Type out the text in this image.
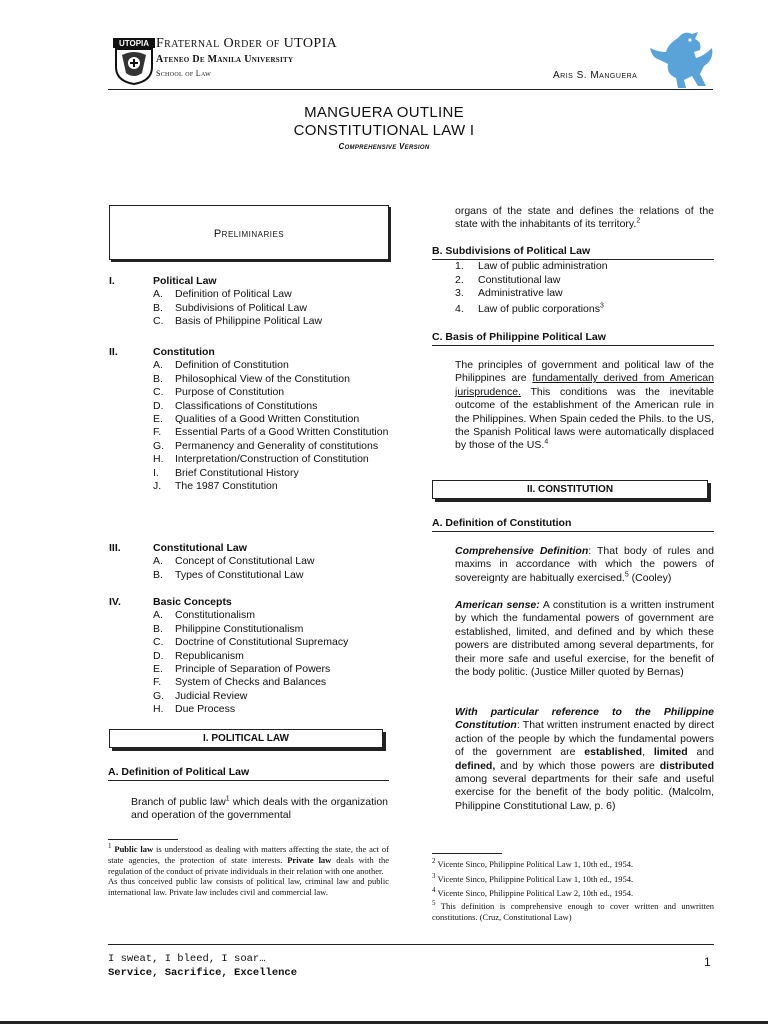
UTOPIA Fraternal Order of UTOPIA
Ateneo De Manila University
School of Law	Aris S. Manguera
MANGUERA OUTLINE
CONSTITUTIONAL LAW I
Comprehensive Version
Preliminaries
I.	Political Law
A.	Definition of Political Law
B.	Subdivisions of Political Law
C.	Basis of Philippine Political Law
II.	Constitution
A.	Definition of Constitution
B.	Philosophical View of the Constitution
C.	Purpose of Constitution
D.	Classifications of Constitutions
E.	Qualities of a Good Written Constitution
F.	Essential Parts of a Good Written Constitution
G.	Permanency and Generality of constitutions
H.	Interpretation/Construction of Constitution
I.	Brief Constitutional History
J.	The 1987 Constitution
III.	Constitutional Law
A.	Concept of Constitutional Law
B.	Types of Constitutional Law
IV.	Basic Concepts
A.	Constitutionalism
B.	Philippine Constitutionalism
C.	Doctrine of Constitutional Supremacy
D.	Republicanism
E.	Principle of Separation of Powers
F.	System of Checks and Balances
G.	Judicial Review
H.	Due Process
I. POLITICAL LAW
A. Definition of Political Law
Branch of public law$^1$ which deals with the organization and operation of the governmental
$^1$ Public law is understood as dealing with matters affecting the state, the act of state agencies, the protection of state interests. Private law deals with the regulation of the conduct of private individuals in their relation with one another.
As thus conceived public law consists of political law, criminal law and public international law. Private law includes civil and commercial law.
organs of the state and defines the relations of the state with the inhabitants of its territory.$^2$
B. Subdivisions of Political Law
1. Law of public administration
2. Constitutional law
3. Administrative law
4. Law of public corporations$^3$
C. Basis of Philippine Political Law
The principles of government and political law of the Philippines are fundamentally derived from American jurisprudence. This conditions was the inevitable outcome of the establishment of the American rule in the Philippines. When Spain ceded the Phils. to the US, the Spanish Political laws were automatically displaced by those of the US.$^4$
II. CONSTITUTION
A. Definition of Constitution
Comprehensive Definition: That body of rules and maxims in accordance with which the powers of sovereignty are habitually exercised.$^5$ (Cooley)
American sense: A constitution is a written instrument by which the fundamental powers of government are established, limited, and defined and by which these powers are distributed among several departments, for their more safe and useful exercise, for the benefit of the body politic. (Justice Miller quoted by Bernas)
With particular reference to the Philippine Constitution: That written instrument enacted by direct action of the people by which the fundamental powers of the government are established, limited and defined, and by which those powers are distributed among several departments for their safe and useful exercise for the benefit of the body politic. (Malcolm, Philippine Constitutional Law, p. 6)
$^2$ Vicente Sinco, Philippine Political Law 1, 10th ed., 1954.
$^3$ Vicente Sinco, Philippine Political Law 1, 10th ed., 1954.
$^4$ Vicente Sinco, Philippine Political Law 2, 10th ed., 1954.
$^5$ This definition is comprehensive enough to cover written and unwritten constitutions. (Cruz, Constitutional Law)
I sweat, I bleed, I soar…
Service, Sacrifice, Excellence
1
